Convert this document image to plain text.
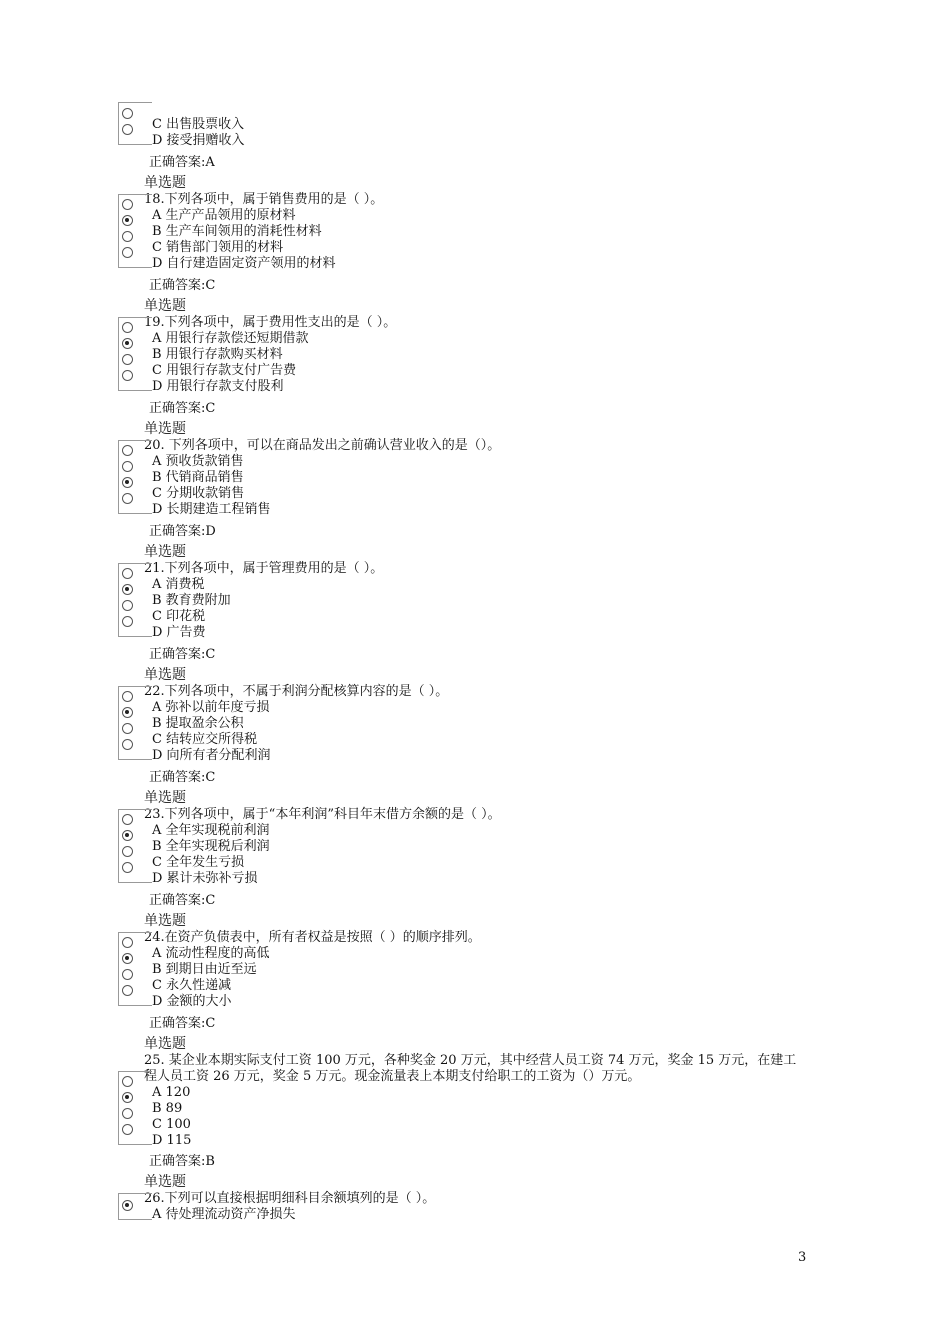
C 出售股票收入
D 接受捐赠收入
正确答案:A
单选题
18.下列各项中，属于销售费用的是（ ）。
A 生产产品领用的原材料
B 生产车间领用的消耗性材料
C 销售部门领用的材料
D 自行建造固定资产领用的材料
正确答案:C
单选题
19.下列各项中，属于费用性支出的是（ ）。
A 用银行存款偿还短期借款
B 用银行存款购买材料
C 用银行存款支付广告费
D 用银行存款支付股利
正确答案:C
单选题
20. 下列各项中，可以在商品发出之前确认营业收入的是（）。
A 预收货款销售
B 代销商品销售
C 分期收款销售
D 长期建造工程销售
正确答案:D
单选题
21.下列各项中，属于管理费用的是（ ）。
A 消费税
B 教育费附加
C 印花税
D 广告费
正确答案:C
单选题
22.下列各项中，不属于利润分配核算内容的是（ ）。
A 弥补以前年度亏损
B 提取盈余公积
C 结转应交所得税
D 向所有者分配利润
正确答案:C
单选题
23.下列各项中，属于“本年利润”科目年末借方余额的是（ ）。
A 全年实现税前利润
B 全年实现税后利润
C 全年发生亏损
D 累计未弥补亏损
正确答案:C
单选题
24.在资产负债表中，所有者权益是按照（ ）的顺序排列。
A 流动性程度的高低
B 到期日由近至远
C 永久性递减
D 金额的大小
正确答案:C
单选题
25. 某企业本期实际支付工资 100 万元，各种奖金 20 万元，其中经营人员工资 74 万元，奖金 15 万元，在建工程人员工资 26 万元，奖金 5 万元。现金流量表上本期支付给职工的工资为（）万元。
A 120
B 89
C 100
D 115
正确答案:B
单选题
26.下列可以直接根据明细科目余额填列的是（ ）。
A 待处理流动资产净损失
3
